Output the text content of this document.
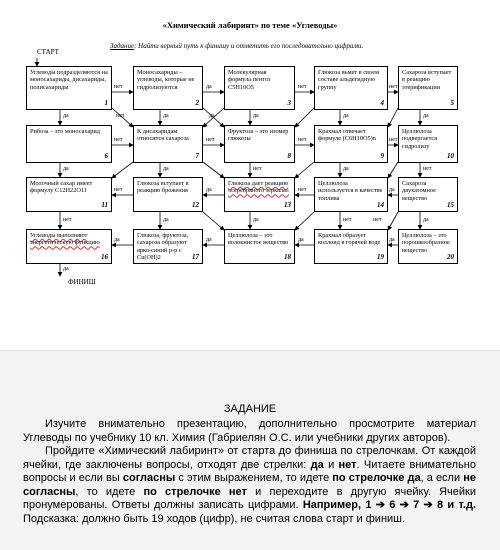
«Химический лабиринт» по теме «Углеводы»
Задание: Найти верный путь к финишу и отметить его последовательно цифрами.
СТАРТ
Углеводы подразделяются на моносахариды, дисахариды, полисахариды
1
Моносахариды – углеводы, которые не гидролизуются
2
Молекулярная формула пентоз C5H10O5
3
Глюкоза вьмет в своем составе альдегидную группу
4
Сахароза вступает в реакцию этерификации
5
Рибоза – это моносахарид
6
К дисахаридам относится сахароза
7
Фруктоза – это изомер глюкозы
8
Крахмал отвечает формуле (C6H10O5)n
9
Целлюлоза подвергается гидролизу
10
Молочный сахар имеет формулу C12H22O11
11
Глюкоза вступает в реакцию брожения
12
Глюкоза дает реакцию «серебряного зеркала»
13
Целлюлоза используется в качестве топлива
14
Сахароза двухатомное вещество
15
Углеводы выполняют энергетическую функцию
16
Глюкоза, фруктоза, сахароза образуют ярко-синий р-р с Cu(OH)2	17
Целлюлоза – это волокнистое вещество
18
Крахмал образует коллоид в горячей воде
19
Целлюлоза – это порошкообразное вещество
20
нет	да	нет	нет
да	нет	да	да	да	да	да
нет	нет	нет	нет
да	да	нет	да	нет
нет	да	нет	да
нет	да	да	нет	нет	да
да	да	да	да
да
ФИНИШ
ЗАДАНИЕ
Изучите внимательно презентацию, дополнительно просмотрите материал Углеводы по учебнику 10 кл. Химия (Габриелян О.С. или учебники других авторов).
Пройдите «Химический лабиринт» от старта до финиша по стрелочкам. От каждой ячейки, где заключены вопросы, отходят две стрелки: да и нет. Читаете внимательно вопросы и если вы согласны с этим выражением, то идете по стрелочке да, а если не согласны, то идете по стрелочке нет и переходите в другую ячейку. Ячейки пронумерованы. Ответы должны записать цифрами. Например, 1 ➔ 6 ➔ 7 ➔ 8 и т.д. Подсказка: должно быть 19 ходов (цифр), не считая слова старт и финиш.
